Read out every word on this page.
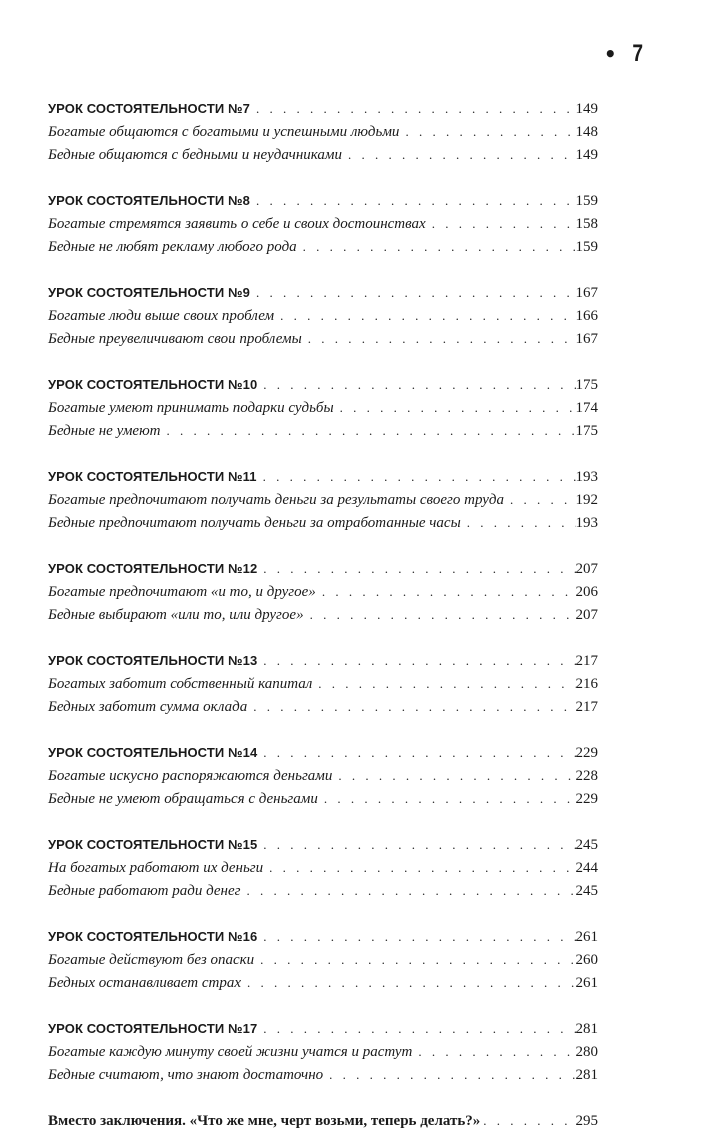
• 7
УРОК СОСТОЯТЕЛЬНОСТИ №7 . . .	149
Богатые общаются с богатыми и успешными людьми . . .	148
Бедные общаются с бедными и неудачниками . . .	149
УРОК СОСТОЯТЕЛЬНОСТИ №8 . . .	159
Богатые стремятся заявить о себе и своих достоинствах . . .	158
Бедные не любят рекламу любого рода . . .	159
УРОК СОСТОЯТЕЛЬНОСТИ №9 . . .	167
Богатые люди выше своих проблем . . .	166
Бедные преувеличивают свои проблемы . . .	167
УРОК СОСТОЯТЕЛЬНОСТИ №10 . . .	175
Богатые умеют принимать подарки судьбы . . .	174
Бедные не умеют . . .	175
УРОК СОСТОЯТЕЛЬНОСТИ №11 . . .	193
Богатые предпочитают получать деньги за результаты своего труда . . .	192
Бедные предпочитают получать деньги за отработанные часы . . .	193
УРОК СОСТОЯТЕЛЬНОСТИ №12 . . .	207
Богатые предпочитают «и то, и другое» . . .	206
Бедные выбирают «или то, или другое» . . .	207
УРОК СОСТОЯТЕЛЬНОСТИ №13 . . .	217
Богатых заботит собственный капитал . . .	216
Бедных заботит сумма оклада . . .	217
УРОК СОСТОЯТЕЛЬНОСТИ №14 . . .	229
Богатые искусно распоряжаются деньгами . . .	228
Бедные не умеют обращаться с деньгами . . .	229
УРОК СОСТОЯТЕЛЬНОСТИ №15 . . .	245
На богатых работают их деньги . . .	244
Бедные работают ради денег . . .	245
УРОК СОСТОЯТЕЛЬНОСТИ №16 . . .	261
Богатые действуют без опаски . . .	260
Бедных останавливает страх . . .	261
УРОК СОСТОЯТЕЛЬНОСТИ №17 . . .	281
Богатые каждую минуту своей жизни учатся и растут . . .	280
Бедные считают, что знают достаточно . . .	281
Вместо заключения. «Что же мне, черт возьми, теперь делать?» . . .	295
